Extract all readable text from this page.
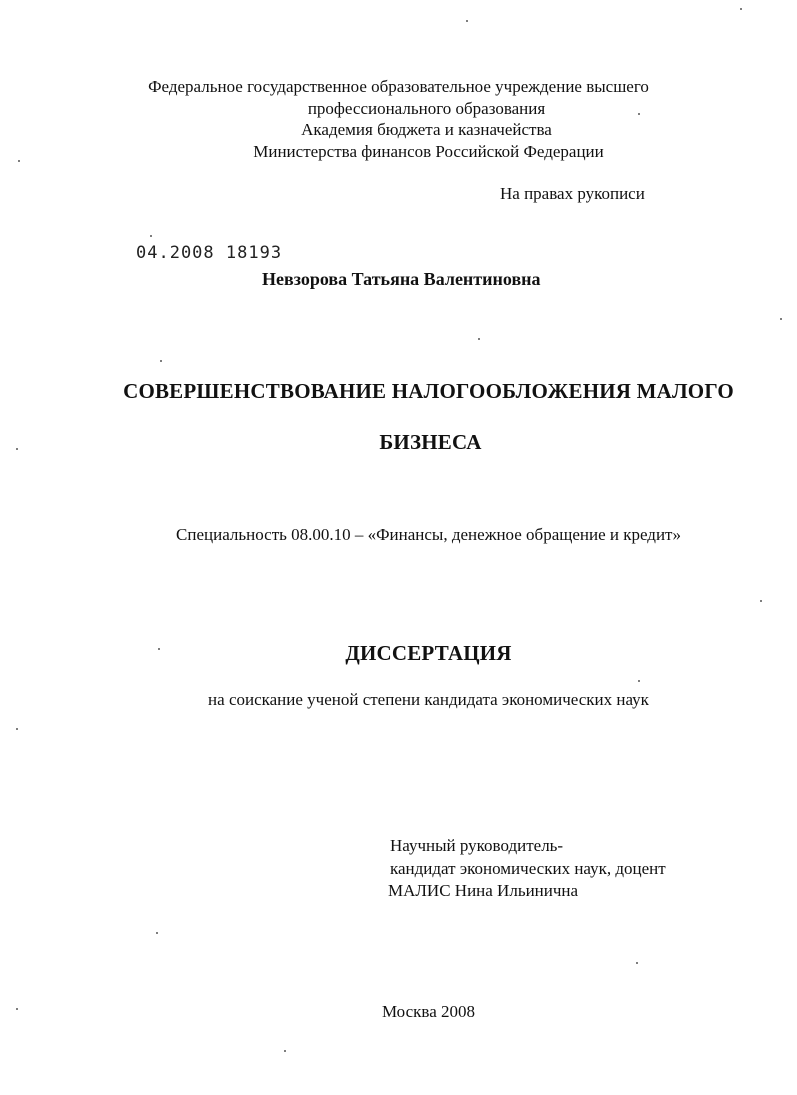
Федеральное государственное образовательное учреждение высшего
профессионального образования
Академия бюджета и казначейства
Министерства финансов Российской Федерации
На правах рукописи
04.2008 18193
Невзорова Татьяна Валентиновна
СОВЕРШЕНСТВОВАНИЕ НАЛОГООБЛОЖЕНИЯ МАЛОГО
БИЗНЕСА
Специальность 08.00.10 – «Финансы, денежное обращение и кредит»
ДИССЕРТАЦИЯ
на соискание ученой степени кандидата экономических наук
Научный руководитель-
кандидат экономических наук, доцент
МАЛИС Нина Ильинична
Москва 2008
